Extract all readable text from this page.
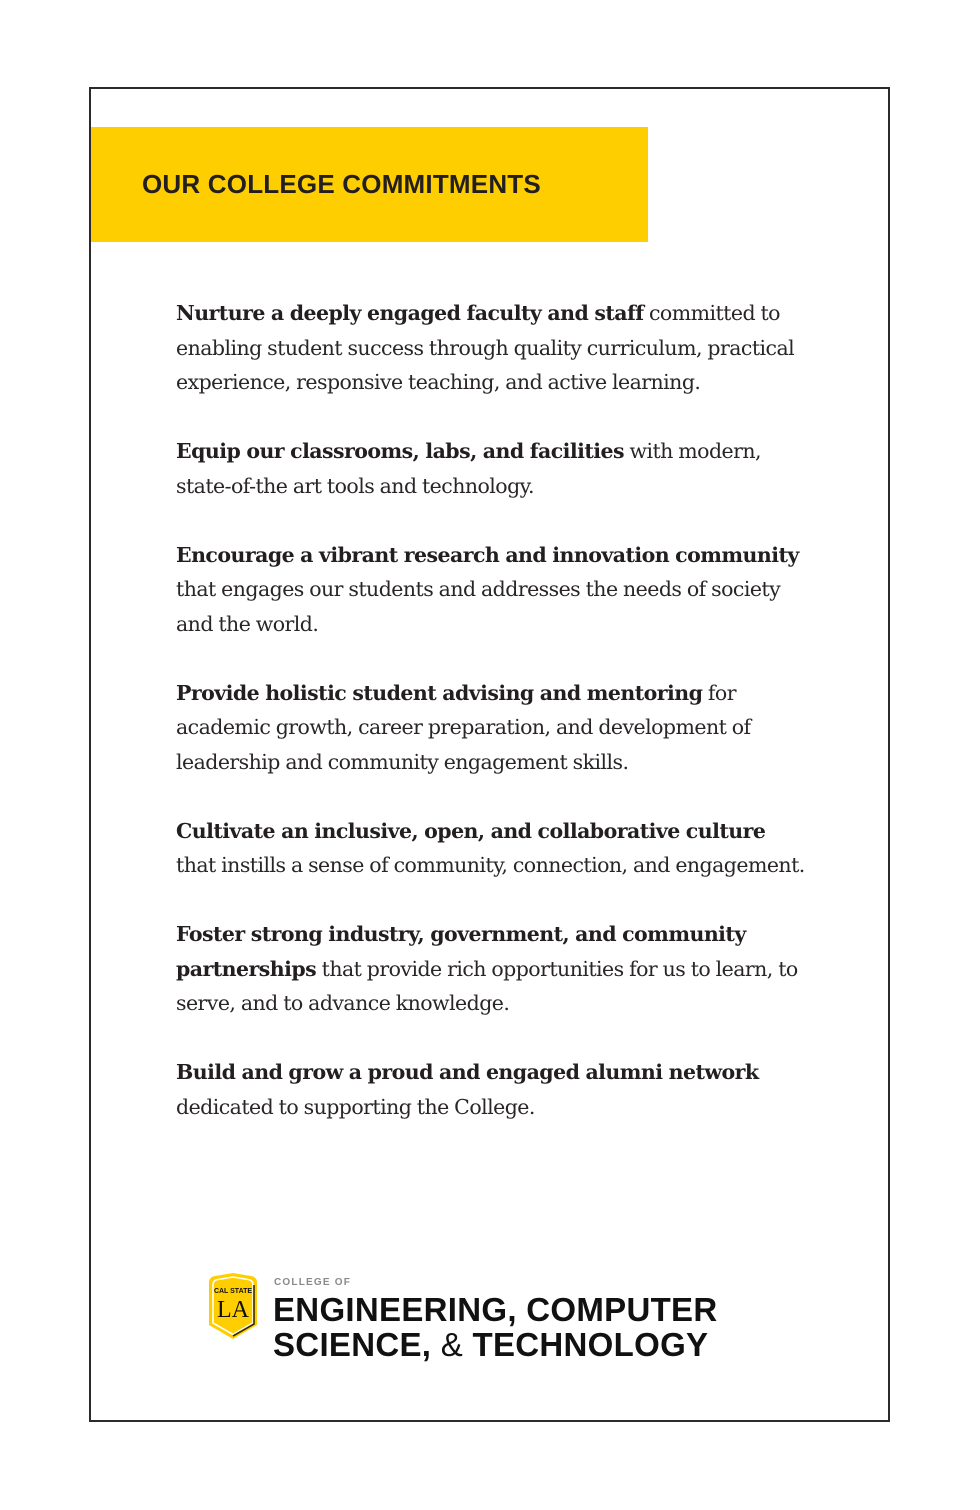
OUR COLLEGE COMMITMENTS
Nurture a deeply engaged faculty and staff committed to enabling student success through quality curriculum, practical experience, responsive teaching, and active learning.
Equip our classrooms, labs, and facilities with modern, state-of-the art tools and technology.
Encourage a vibrant research and innovation community that engages our students and addresses the needs of society and the world.
Provide holistic student advising and mentoring for academic growth, career preparation, and development of leadership and community engagement skills.
Cultivate an inclusive, open, and collaborative culture that instills a sense of community, connection, and engagement.
Foster strong industry, government, and community partnerships that provide rich opportunities for us to learn, to serve, and to advance knowledge.
Build and grow a proud and engaged alumni network dedicated to supporting the College.
CAL STATE
LA
COLLEGE OF
ENGINEERING, COMPUTER
SCIENCE, & TECHNOLOGY
